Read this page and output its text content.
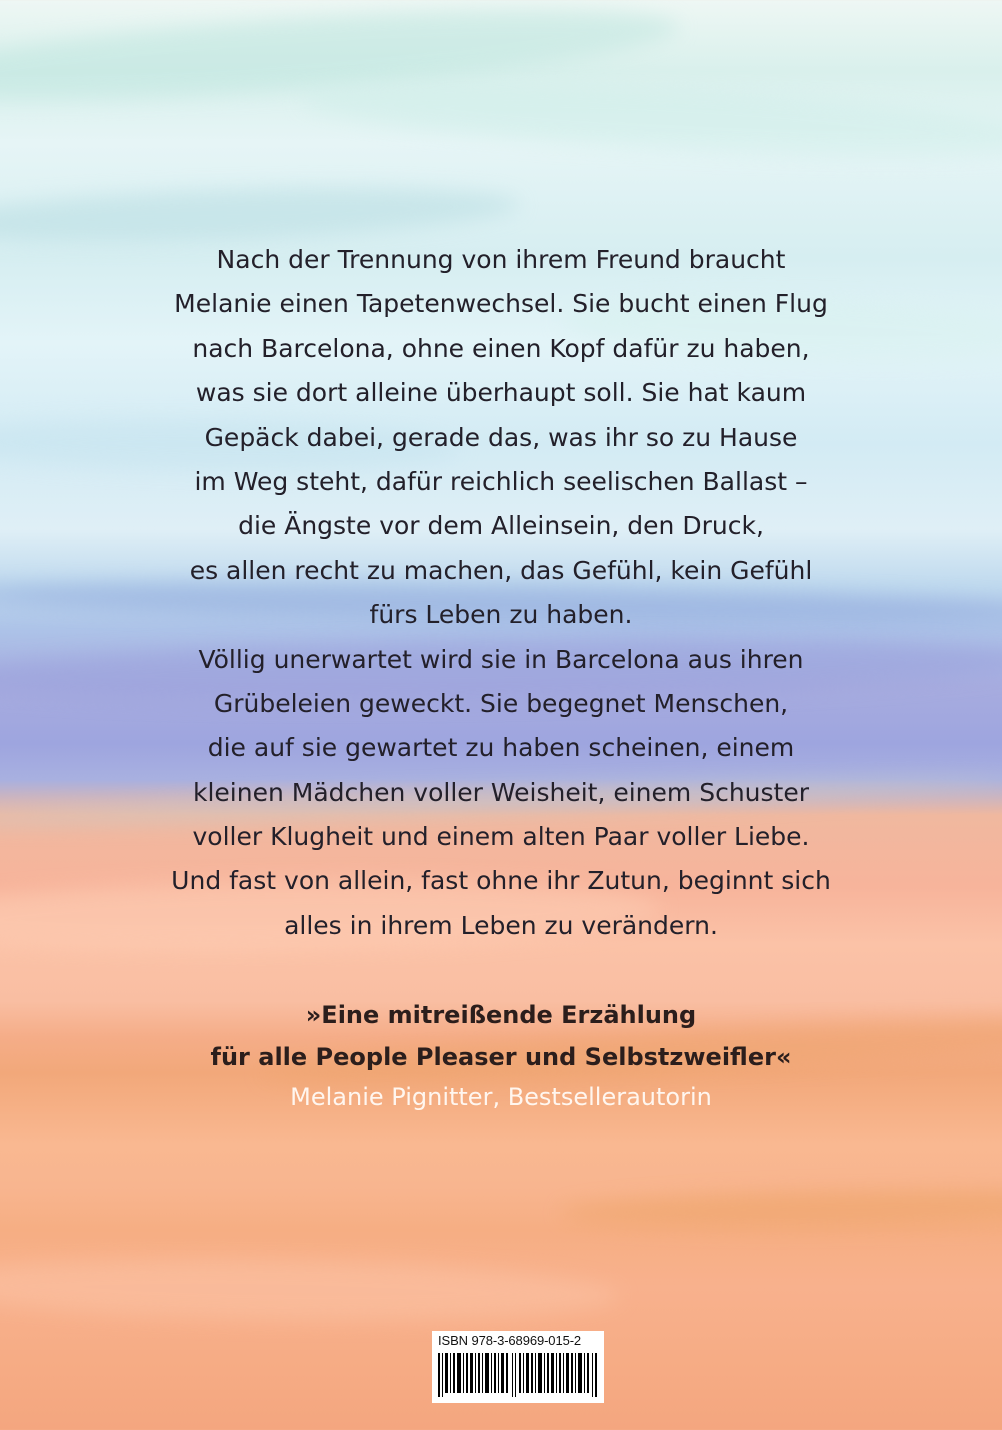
Nach der Trennung von ihrem Freund braucht

Melanie einen Tapetenwechsel. Sie bucht einen Flug

nach Barcelona, ohne einen Kopf dafür zu haben,

was sie dort alleine überhaupt soll. Sie hat kaum

Gepäck dabei, gerade das, was ihr so zu Hause

im Weg steht, dafür reichlich seelischen Ballast –

die Ängste vor dem Alleinsein, den Druck,

es allen recht zu machen, das Gefühl, kein Gefühl

fürs Leben zu haben.

Völlig unerwartet wird sie in Barcelona aus ihren

Grübeleien geweckt. Sie begegnet Menschen,

die auf sie gewartet zu haben scheinen, einem

kleinen Mädchen voller Weisheit, einem Schuster

voller Klugheit und einem alten Paar voller Liebe.

Und fast von allein, fast ohne ihr Zutun, beginnt sich

alles in ihrem Leben zu verändern.

»Eine mitreißende Erzählung

für alle People Pleaser und Selbstzweifler«

Melanie Pignitter, Bestsellerautorin

ISBN 978-3-68969-015-2
